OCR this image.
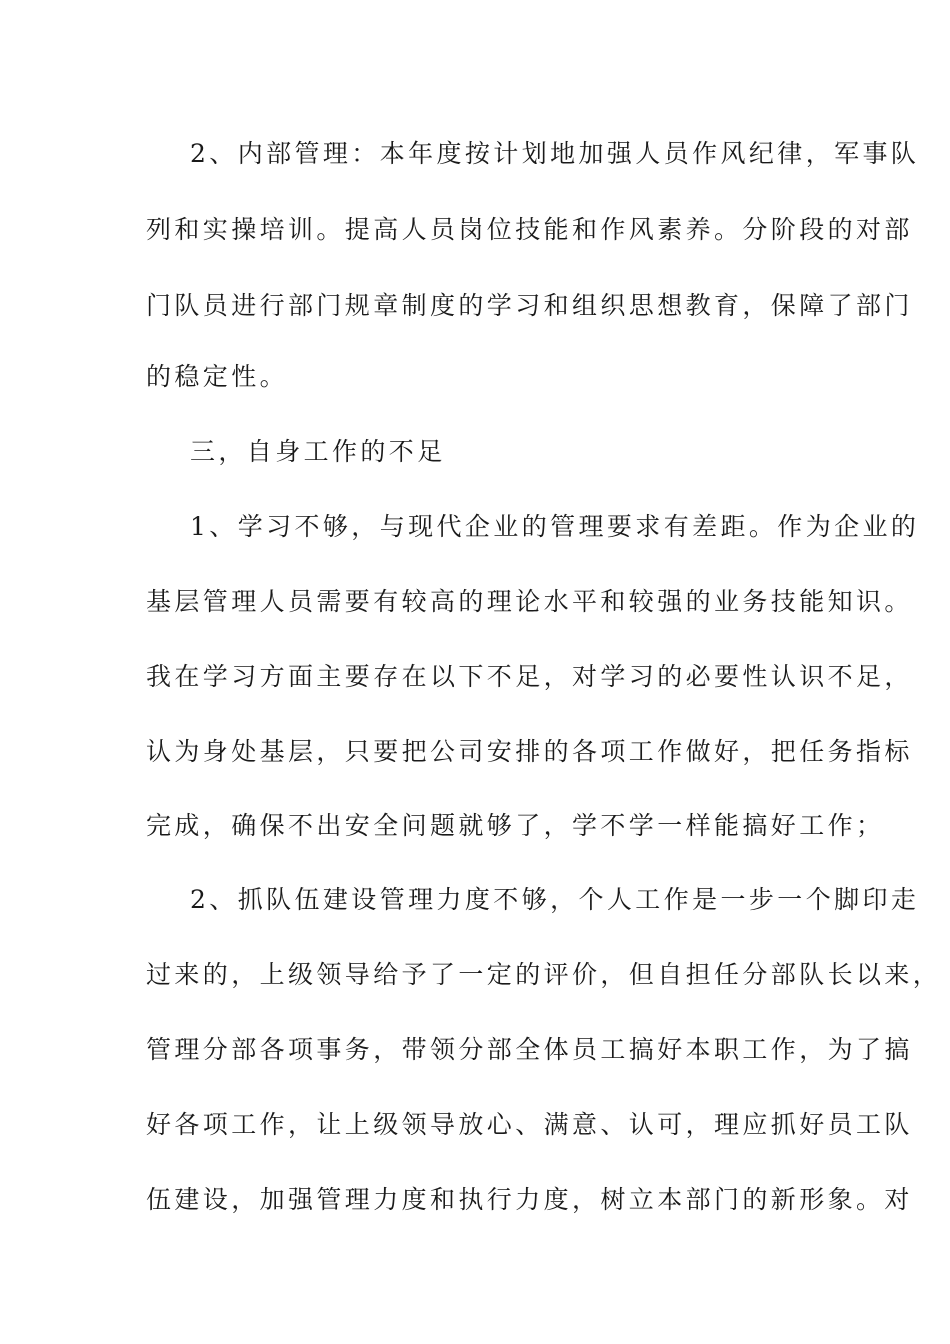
2、内部管理：本年度按计划地加强人员作风纪律，军事队
列和实操培训。提高人员岗位技能和作风素养。分阶段的对部
门队员进行部门规章制度的学习和组织思想教育，保障了部门
的稳定性。
三，自身工作的不足
1、学习不够，与现代企业的管理要求有差距。作为企业的
基层管理人员需要有较高的理论水平和较强的业务技能知识。
我在学习方面主要存在以下不足，对学习的必要性认识不足，
认为身处基层，只要把公司安排的各项工作做好，把任务指标
完成，确保不出安全问题就够了，学不学一样能搞好工作；
2、抓队伍建设管理力度不够，个人工作是一步一个脚印走
过来的，上级领导给予了一定的评价，但自担任分部队长以来，
管理分部各项事务，带领分部全体员工搞好本职工作，为了搞
好各项工作，让上级领导放心、满意、认可，理应抓好员工队
伍建设，加强管理力度和执行力度，树立本部门的新形象。对
